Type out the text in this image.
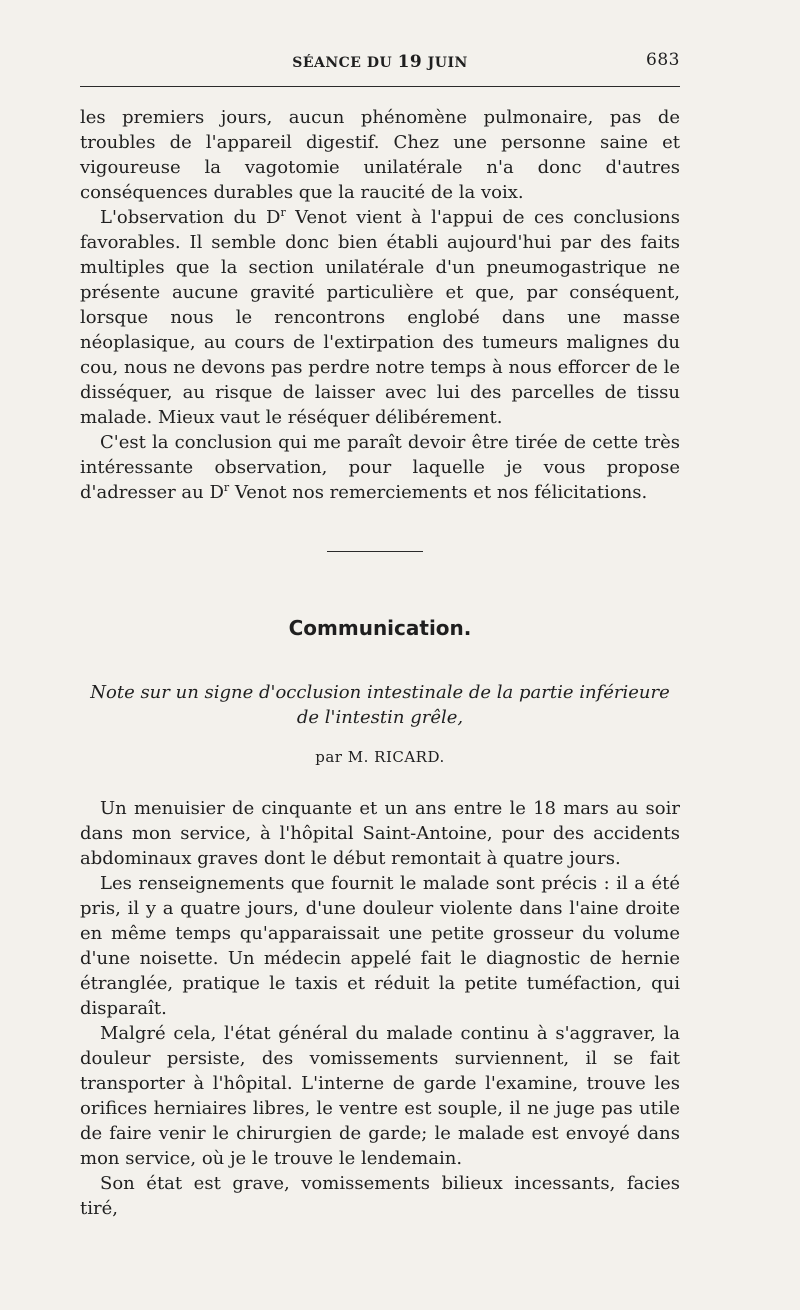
SÉANCE DU 19 JUIN	683

les premiers jours, aucun phénomène pulmonaire, pas de troubles de l'appareil digestif. Chez une personne saine et vigoureuse la vagotomie unilatérale n'a donc d'autres conséquences durables que la raucité de la voix.

L'observation du $D^r$ Venot vient à l'appui de ces conclusions favorables. Il semble donc bien établi aujourd'hui par des faits multiples que la section unilatérale d'un pneumogastrique ne présente aucune gravité particulière et que, par conséquent, lorsque nous le rencontrons englobé dans une masse néoplasique, au cours de l'extirpation des tumeurs malignes du cou, nous ne devons pas perdre notre temps à nous efforcer de le disséquer, au risque de laisser avec lui des parcelles de tissu malade. Mieux vaut le réséquer délibérement.

C'est la conclusion qui me paraît devoir être tirée de cette très intéressante observation, pour laquelle je vous propose d'adresser au $D^r$ Venot nos remerciements et nos félicitations.

Communication.
Note sur un signe d'occlusion intestinale de la partie inférieure
de l'intestin grêle,
par M. RICARD.

Un menuisier de cinquante et un ans entre le 18 mars au soir dans mon service, à l'hôpital Saint-Antoine, pour des accidents abdominaux graves dont le début remontait à quatre jours.

Les renseignements que fournit le malade sont précis : il a été pris, il y a quatre jours, d'une douleur violente dans l'aine droite en même temps qu'apparaissait une petite grosseur du volume d'une noisette. Un médecin appelé fait le diagnostic de hernie étranglée, pratique le taxis et réduit la petite tuméfaction, qui disparaît.

Malgré cela, l'état général du malade continu à s'aggraver, la douleur persiste, des vomissements surviennent, il se fait transporter à l'hôpital. L'interne de garde l'examine, trouve les orifices herniaires libres, le ventre est souple, il ne juge pas utile de faire venir le chirurgien de garde; le malade est envoyé dans mon service, où je le trouve le lendemain.

Son état est grave, vomissements bilieux incessants, facies tiré,
